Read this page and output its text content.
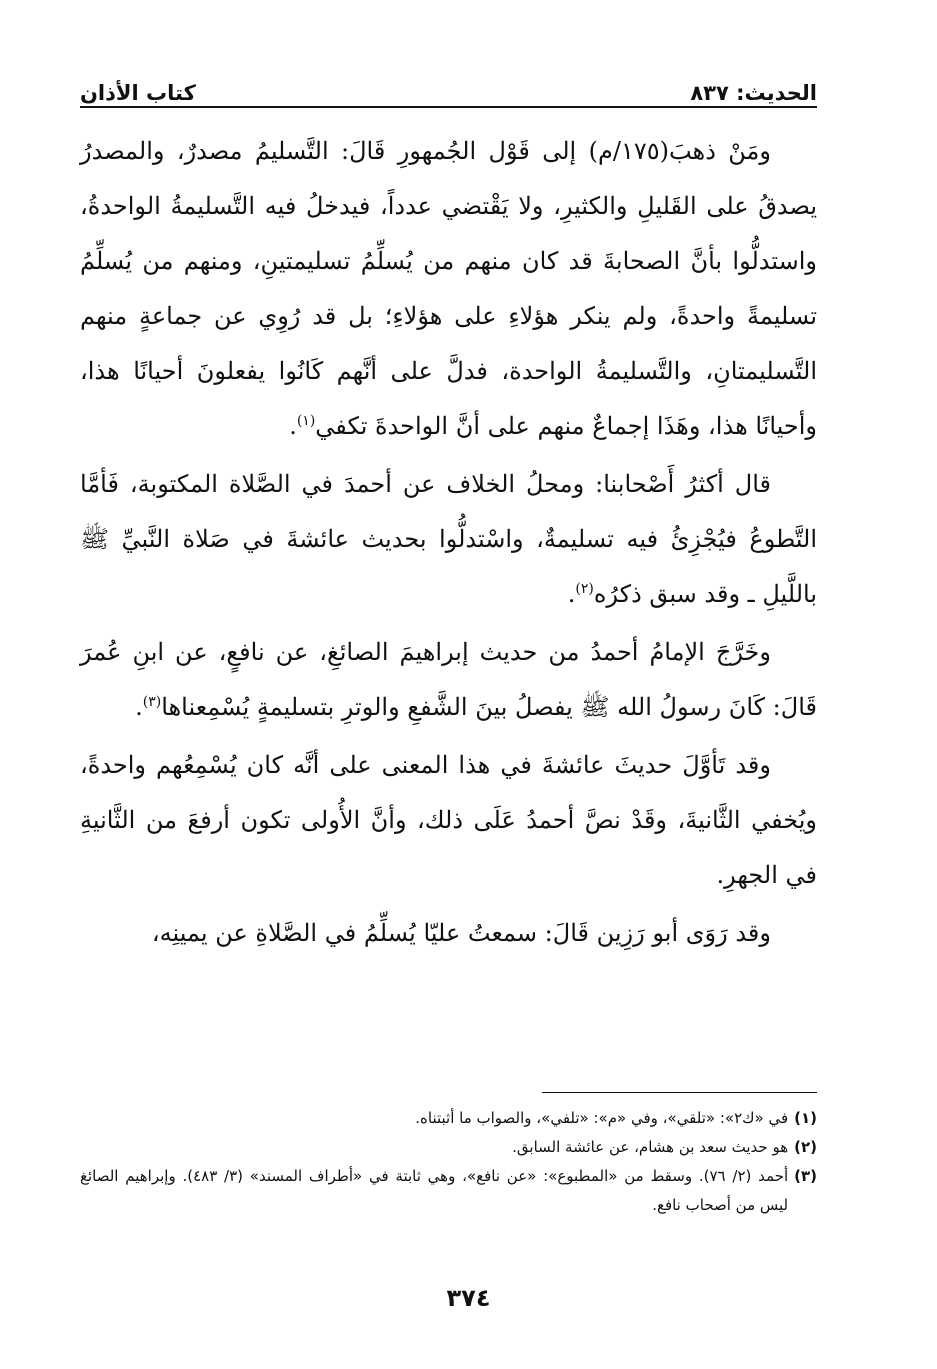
الحديث: ٨٣٧
كتاب الأذان

ومَنْ ذهبَ(١٧٥/م) إلى قَوْل الجُمهورِ قَالَ: التَّسليمُ مصدرٌ، والمصدرُ يصدقُ على القَليلِ والكثيرِ، ولا يَقْتضي عدداً، فيدخلُ فيه التَّسليمةُ الواحدةُ، واستدلُّوا بأنَّ الصحابةَ قد كان منهم من يُسلِّمُ تسليمتينِ، ومنهم من يُسلِّمُ تسليمةً واحدةً، ولم ينكر هؤلاءِ على هؤلاءِ؛ بل قد رُوِي عن جماعةٍ منهم التَّسليمتانِ، والتَّسليمةُ الواحدة، فدلَّ على أنَّهم كَانُوا يفعلونَ أحيانًا هذا، وأحيانًا هذا، وهَذَا إجماعٌ منهم على أنَّ الواحدةَ تكفي$^{(١)}$.

قال أكثرُ أَصْحابنا: ومحلُ الخلاف عن أحمدَ في الصَّلاة المكتوبة، فَأمَّا التَّطوعُ فيُجْزِئُ فيه تسليمةٌ، واسْتدلُّوا بحديث عائشةَ في صَلاة النَّبيِّ ﷺ باللَّيلِ ـ وقد سبق ذكرُه$^{(٢)}$.

وخَرَّجَ الإمامُ أحمدُ من حديث إبراهيمَ الصائغِ، عن نافعٍ، عن ابنِ عُمرَ قَالَ: كَانَ رسولُ الله ﷺ يفصلُ بينَ الشَّفعِ والوترِ بتسليمةٍ يُسْمِعناها$^{(٣)}$.

وقد تَأوَّلَ حديثَ عائشةَ في هذا المعنى على أنَّه كان يُسْمِعُهم واحدةً، ويُخفي الثَّانيةَ، وقَدْ نصَّ أحمدُ عَلَى ذلك، وأنَّ الأُولى تكون أرفعَ من الثَّانيةِ في الجهرِ.

وقد رَوَى أبو رَزِين قَالَ: سمعتُ عليّا يُسلِّمُ في الصَّلاةِ عن يمينِه،

(١)
في «ك٢»: «تلقي»، وفي «م»: «تلفي»، والصواب ما أثبتناه.
(٢)
هو حديث سعد بن هشام، عن عائشة السابق.
(٣)
أحمد (٢/ ٧٦). وسقط من «المطبوع»: «عن نافع»، وهي ثابتة في «أطراف المسند» (٣/ ٤٨٣). وإبراهيم الصائغ ليس من أصحاب نافع.
٣٧٤
